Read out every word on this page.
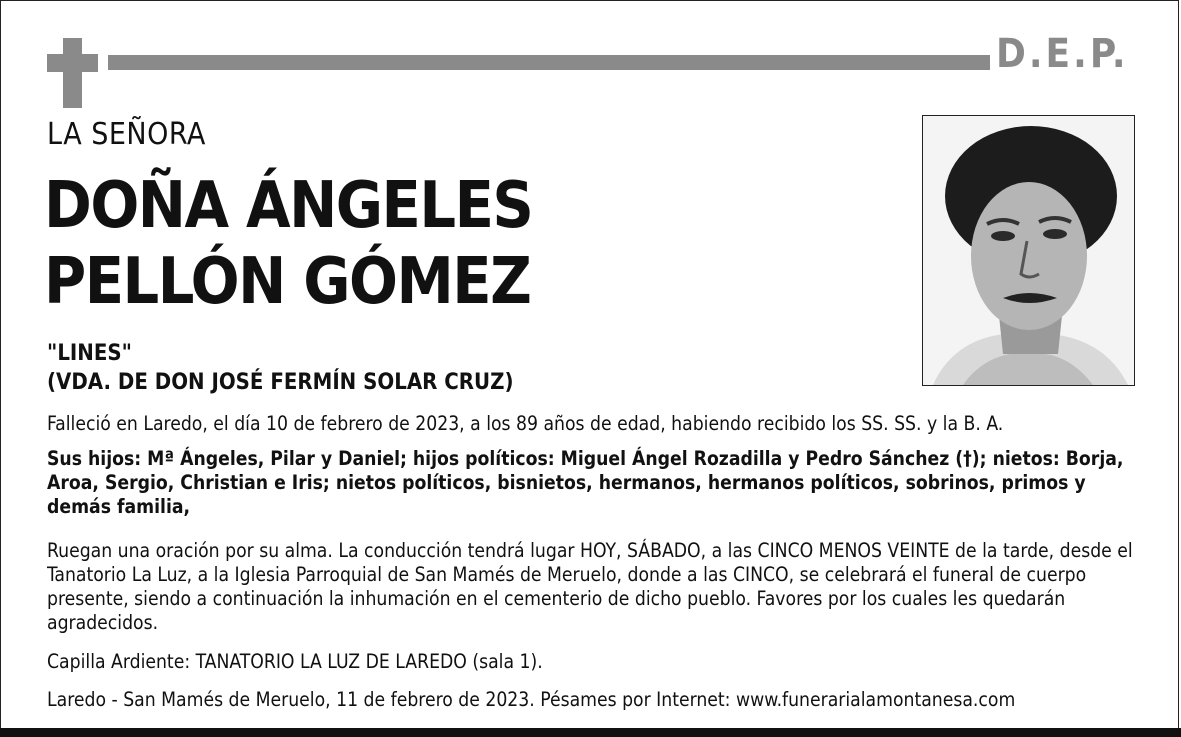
D.E.P.
LA SEÑORA
DOÑA ÁNGELES
PELLÓN GÓMEZ
"LINES"
(VDA. DE DON JOSÉ FERMÍN SOLAR CRUZ)

Falleció en Laredo, el día 10 de febrero de 2023, a los 89 años de edad, habiendo recibido los SS. SS. y la B. A.

Sus hijos: Mª Ángeles, Pilar y Daniel; hijos políticos: Miguel Ángel Rozadilla y Pedro Sánchez (†); nietos: Borja, Aroa, Sergio, Christian e Iris; nietos políticos, bisnietos, hermanos, hermanos políticos, sobrinos, primos y demás familia,

Ruegan una oración por su alma. La conducción tendrá lugar HOY, SÁBADO, a las CINCO MENOS VEINTE de la tarde, desde el Tanatorio La Luz, a la Iglesia Parroquial de San Mamés de Meruelo, donde a las CINCO, se celebrará el funeral de cuerpo presente, siendo a continuación la inhumación en el cementerio de dicho pueblo. Favores por los cuales les quedarán agradecidos.

Capilla Ardiente: TANATORIO LA LUZ DE LAREDO (sala 1).

Laredo - San Mamés de Meruelo, 11 de febrero de 2023. Pésames por Internet: www.funerarialamontanesa.com
